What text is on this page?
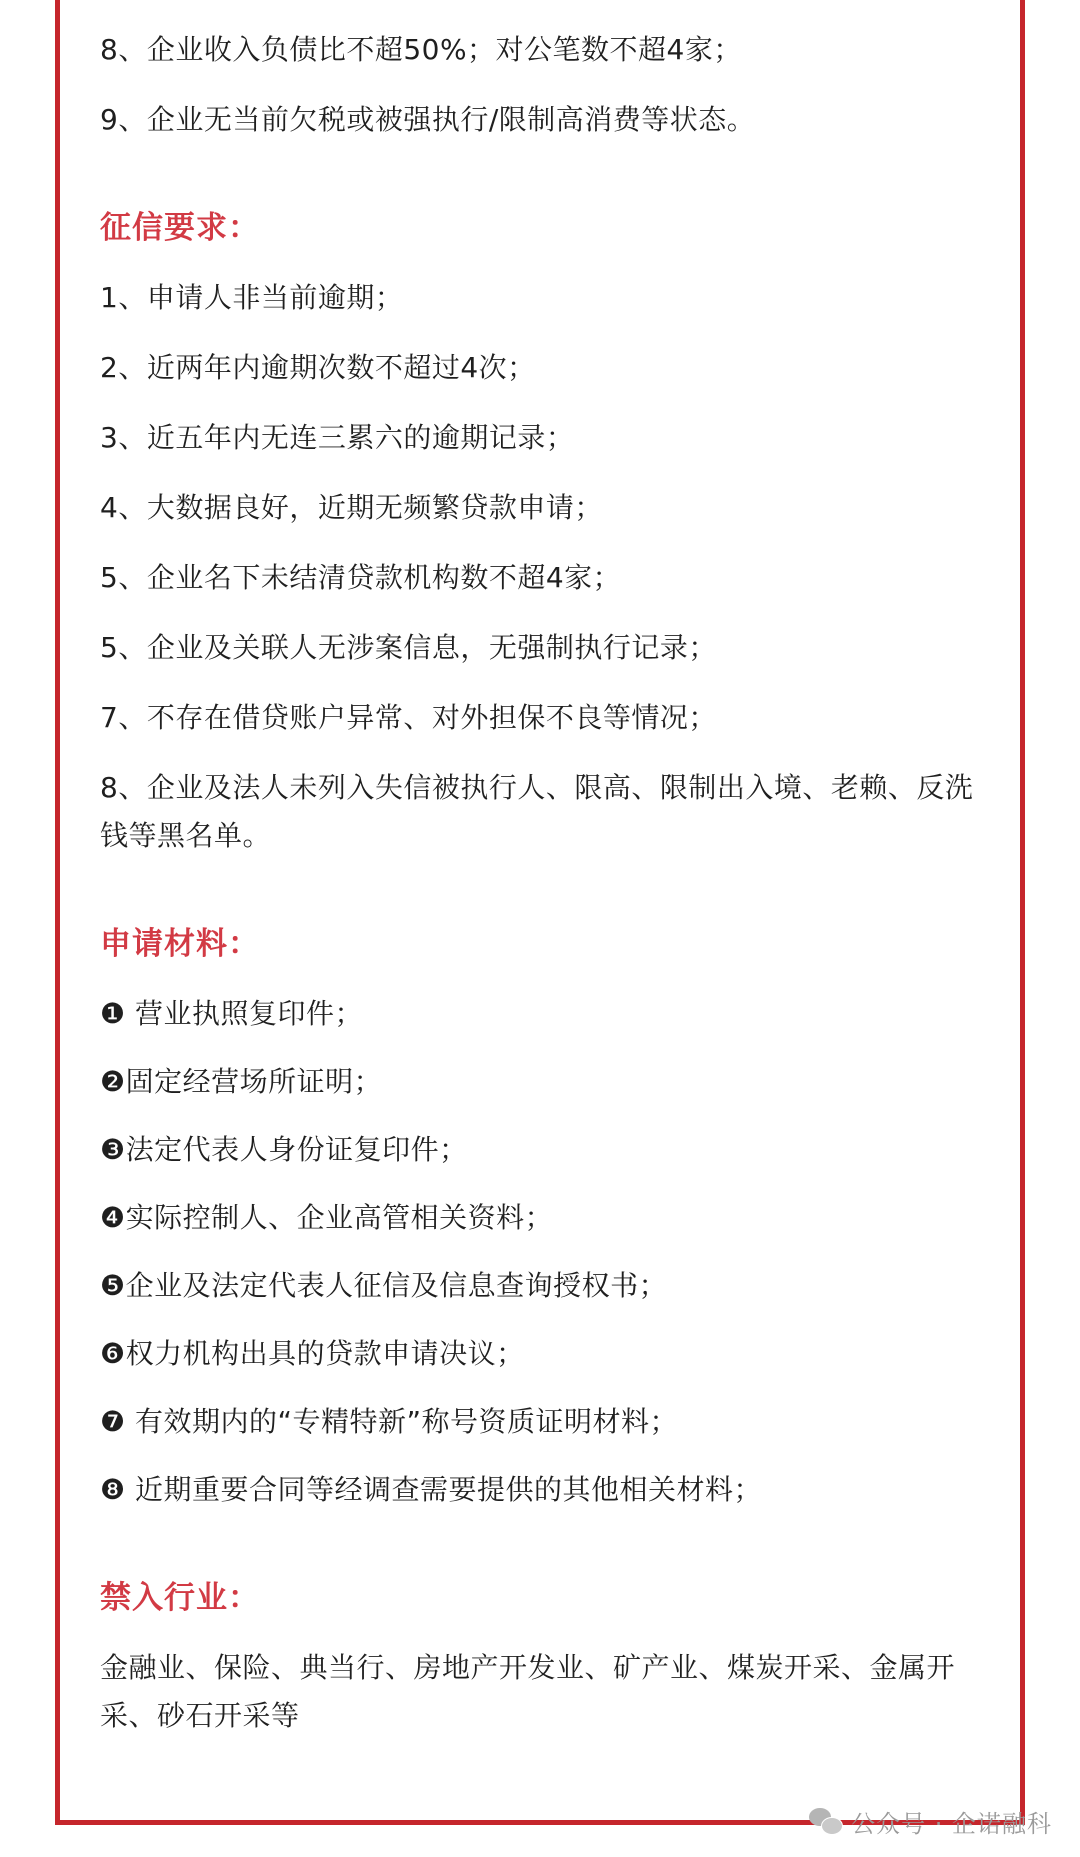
8、企业收入负债比不超50%；对公笔数不超4家；

9、企业无当前欠税或被强执行/限制高消费等状态。

征信要求：

1、申请人非当前逾期；

2、近两年内逾期次数不超过4次；

3、近五年内无连三累六的逾期记录；

4、大数据良好，近期无频繁贷款申请；

5、企业名下未结清贷款机构数不超4家；

5、企业及关联人无涉案信息，无强制执行记录；

7、不存在借贷账户异常、对外担保不良等情况；

8、企业及法人未列入失信被执行人、限高、限制出入境、老赖、反洗钱等黑名单。

申请材料：

❶ 营业执照复印件；

❷固定经营场所证明；

❸法定代表人身份证复印件；

❹实际控制人、企业高管相关资料；

❺企业及法定代表人征信及信息查询授权书；

❻权力机构出具的贷款申请决议；

❼ 有效期内的“专精特新”称号资质证明材料；

❽ 近期重要合同等经调查需要提供的其他相关材料；

禁入行业：

金融业、保险、典当行、房地产开发业、矿产业、煤炭开采、金属开采、砂石开采等

公众号 · 企诺融科
